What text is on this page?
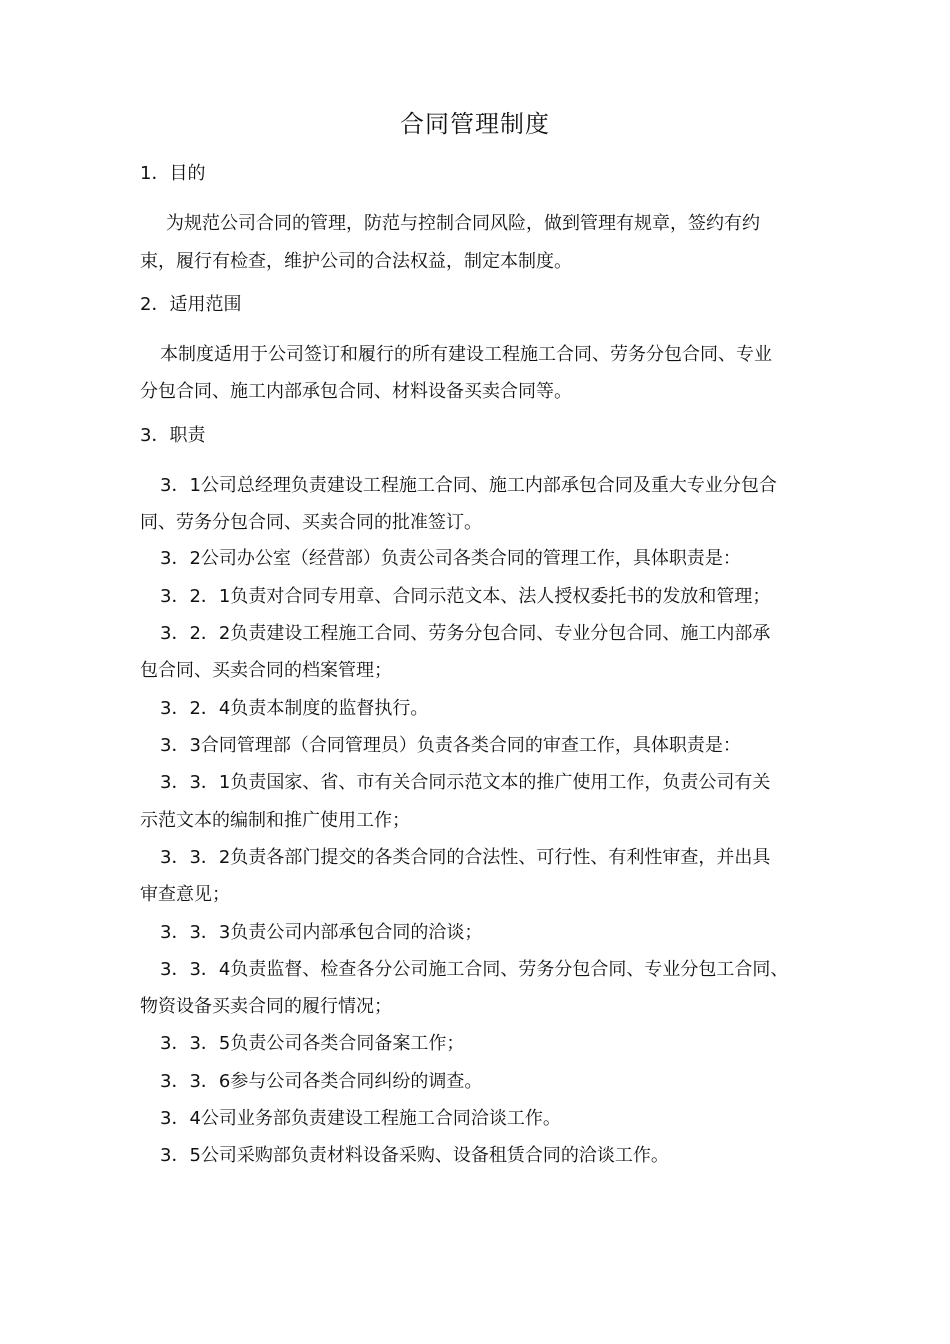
合同管理制度
1．目的

为规范公司合同的管理，防范与控制合同风险，做到管理有规章，签约有约

束，履行有检查，维护公司的合法权益，制定本制度。

2．适用范围

本制度适用于公司签订和履行的所有建设工程施工合同、劳务分包合同、专业

分包合同、施工内部承包合同、材料设备买卖合同等。

3．职责

3．1公司总经理负责建设工程施工合同、施工内部承包合同及重大专业分包合

同、劳务分包合同、买卖合同的批准签订。

3．2公司办公室（经营部）负责公司各类合同的管理工作，具体职责是：

3．2．1负责对合同专用章、合同示范文本、法人授权委托书的发放和管理；

3．2．2负责建设工程施工合同、劳务分包合同、专业分包合同、施工内部承

包合同、买卖合同的档案管理；

3．2．4负责本制度的监督执行。

3．3合同管理部（合同管理员）负责各类合同的审查工作，具体职责是：

3．3．1负责国家、省、市有关合同示范文本的推广使用工作，负责公司有关

示范文本的编制和推广使用工作；

3．3．2负责各部门提交的各类合同的合法性、可行性、有利性审查，并出具

审查意见；

3．3．3负责公司内部承包合同的洽谈；

3．3．4负责监督、检查各分公司施工合同、劳务分包合同、专业分包工合同、

物资设备买卖合同的履行情况；

3．3．5负责公司各类合同备案工作；

3．3．6参与公司各类合同纠纷的调查。

3．4公司业务部负责建设工程施工合同洽谈工作。

3．5公司采购部负责材料设备采购、设备租赁合同的洽谈工作。
